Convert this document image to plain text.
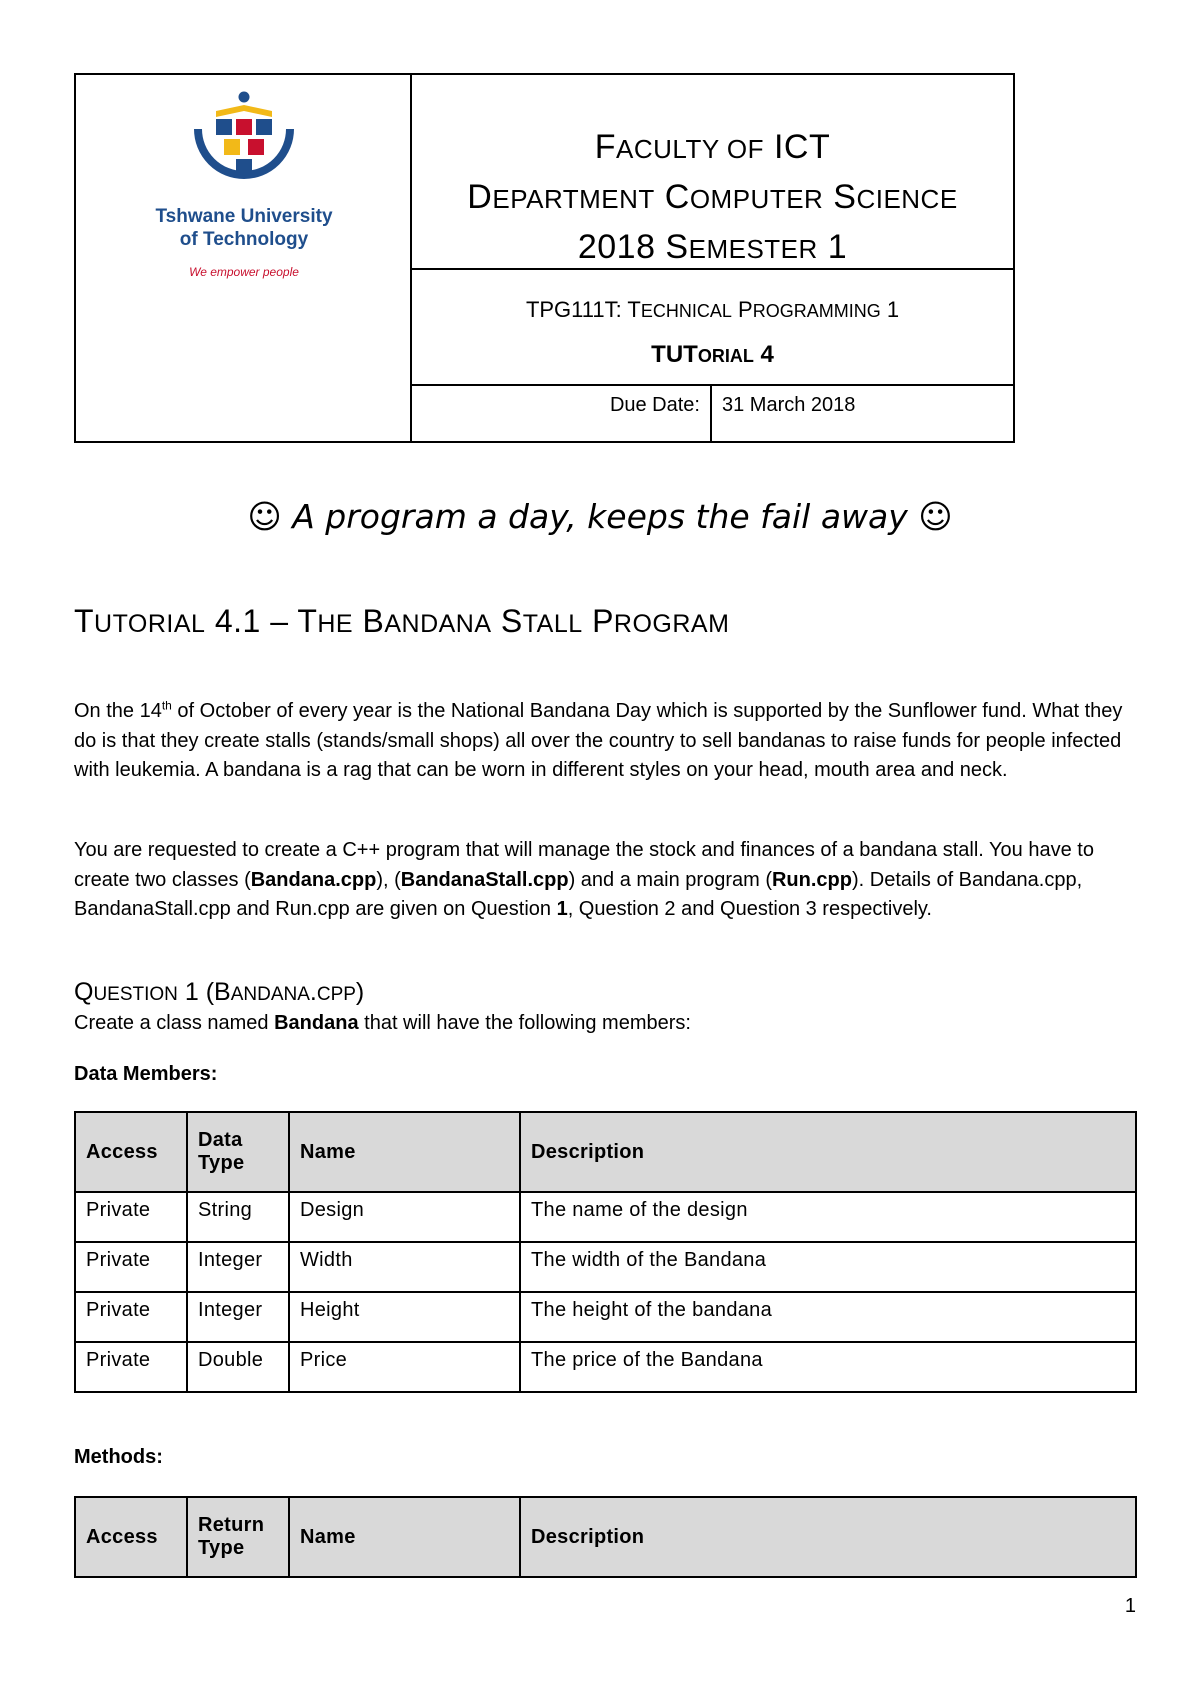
Tshwane University
of Technology
We empower people
FACULTY OF ICT
DEPARTMENT COMPUTER SCIENCE
2018 SEMESTER 1
TPG111T: TECHNICAL PROGRAMMING 1
TUTORIAL 4
Due Date:	31 March 2018
☺ A program a day, keeps the fail away ☺
TUTORIAL 4.1 – THE BANDANA STALL PROGRAM
On the 14th of October of every year is the National Bandana Day which is supported by the Sunflower fund. What they do is that they create stalls (stands/small shops) all over the country to sell bandanas to raise funds for people infected with leukemia. A bandana is a rag that can be worn in different styles on your head, mouth area and neck.
You are requested to create a C++ program that will manage the stock and finances of a bandana stall. You have to create two classes (Bandana.cpp), (BandanaStall.cpp) and a main program (Run.cpp). Details of Bandana.cpp, BandanaStall.cpp and Run.cpp are given on Question 1, Question 2 and Question 3 respectively.
QUESTION 1 (BANDANA.CPP)
Create a class named Bandana that will have the following members:
Data Members:
Access	Data Type	Name	Description
Private	String	Design	The name of the design
Private	Integer	Width	The width of the Bandana
Private	Integer	Height	The height of the bandana
Private	Double	Price	The price of the Bandana
Methods:
Access	Return Type	Name	Description
1
